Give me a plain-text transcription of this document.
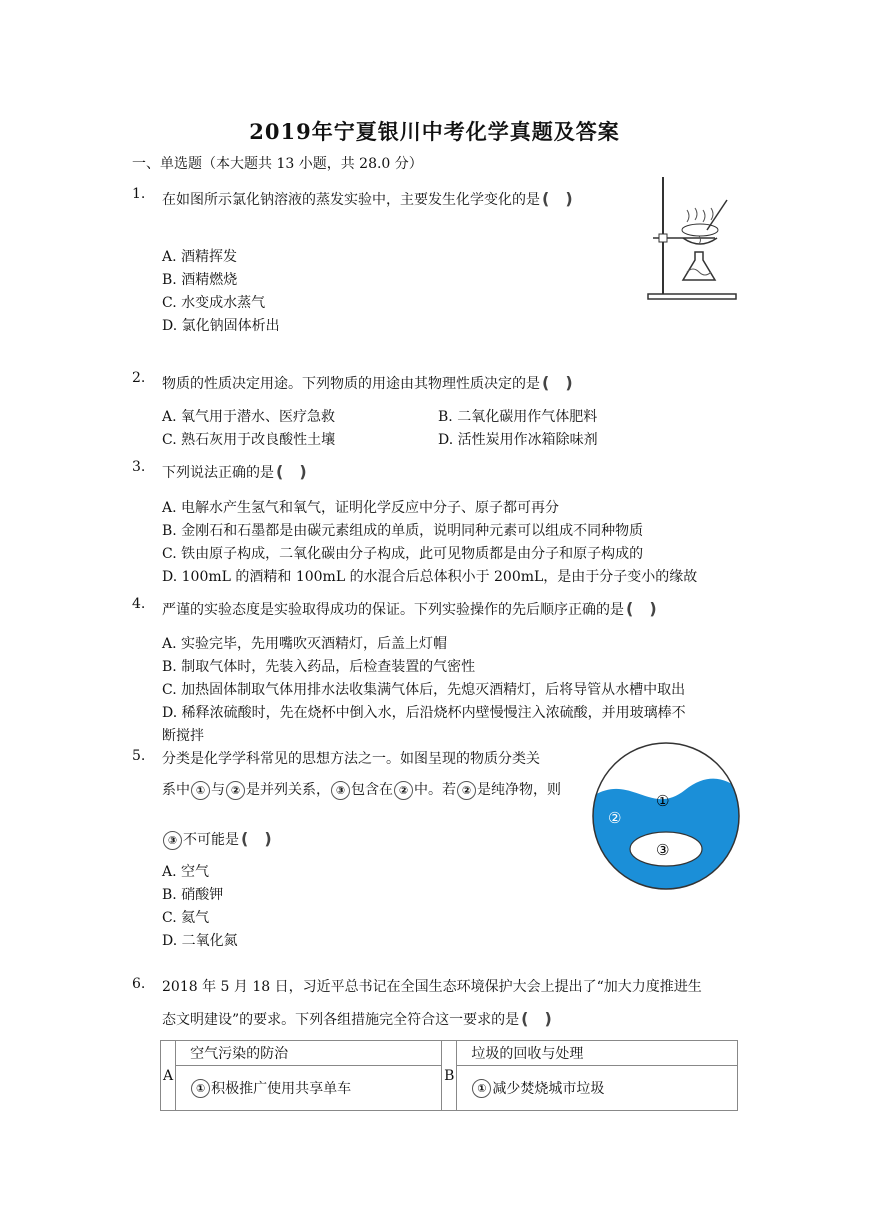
2019年宁夏银川中考化学真题及答案
一、单选题（本大题共 13 小题，共 28.0 分）
1. 在如图所示氯化钠溶液的蒸发实验中，主要发生化学变化的是 (　)
A. 酒精挥发
B. 酒精燃烧
C. 水变成水蒸气
D. 氯化钠固体析出
2. 物质的性质决定用途。下列物质的用途由其物理性质决定的是 (　)
A. 氧气用于潜水、医疗急救	B. 二氧化碳用作气体肥料
C. 熟石灰用于改良酸性土壤	D. 活性炭用作冰箱除味剂
3. 下列说法正确的是 (　)
A. 电解水产生氢气和氧气，证明化学反应中分子、原子都可再分
B. 金刚石和石墨都是由碳元素组成的单质，说明同种元素可以组成不同种物质
C. 铁由原子构成，二氧化碳由分子构成，此可见物质都是由分子和原子构成的
D. 100mL 的酒精和 100mL 的水混合后总体积小于 200mL，是由于分子变小的缘故
4. 严谨的实验态度是实验取得成功的保证。下列实验操作的先后顺序正确的是 (　)
A. 实验完毕，先用嘴吹灭酒精灯，后盖上灯帽
B. 制取气体时，先装入药品，后检查装置的气密性
C. 加热固体制取气体用排水法收集满气体后，先熄灭酒精灯，后将导管从水槽中取出
D. 稀释浓硫酸时，先在烧杯中倒入水，后沿烧杯内壁慢慢注入浓硫酸，并用玻璃棒不
断搅拌
5. 分类是化学学科常见的思想方法之一。如图呈现的物质分类关
系中 ① 与 ② 是并列关系， ③ 包含在 ② 中。若 ② 是纯净物，则
③ 不可能是 (　)
A. 空气
B. 硝酸钾
C. 氦气
D. 二氧化氮
①
②
③
6. 2018 年 5 月 18 日，习近平总书记在全国生态环境保护大会上提出了“加大力度推进生
态文明建设”的要求。下列各组措施完全符合这一要求的是 (　)
A	空气污染的防治	B	垃圾的回收与处理
	① 积极推广使用共享单车		① 减少焚烧城市垃圾
